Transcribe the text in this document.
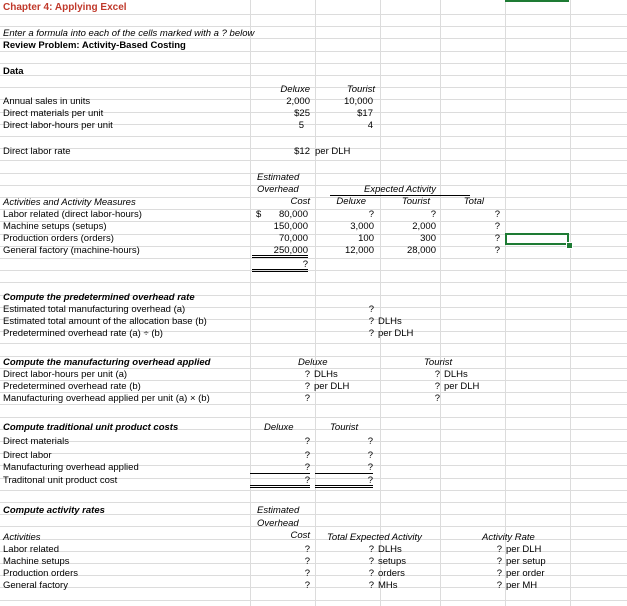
Chapter 4: Applying Excel
Enter a formula into each of the cells marked with a ? below
Review Problem: Activity-Based Costing
Data
Deluxe	Tourist
Annual sales in units	2,000	10,000
Direct materials per unit	$25	$17
Direct labor-hours per unit	5	4
Direct labor rate	$12 per DLH
Estimated
Overhead	Expected Activity
Cost	Deluxe	Tourist	Total
Activities and Activity Measures
Labor related (direct labor-hours)	$	80,000	?	?	?
Machine setups (setups)	150,000	3,000	2,000	?
Production orders (orders)	70,000	100	300	?
General factory (machine-hours)	250,000	12,000	28,000	?
?
Compute the predetermined overhead rate
Estimated total manufacturing overhead (a)	?
Estimated total amount of the allocation base (b)	? DLHs
Predetermined overhead rate (a) ÷ (b)	? per DLH
Compute the manufacturing overhead applied	Deluxe	Tourist
Direct labor-hours per unit (a)	? DLHs	? DLHs
Predetermined overhead rate (b)	? per DLH	? per DLH
Manufacturing overhead applied per unit (a) × (b)	?	?
Compute traditional unit product costs	Deluxe	Tourist
Direct materials	?	?
Direct labor	?	?
Manufacturing overhead applied	?	?
Traditonal unit product cost	?	?
Compute activity rates	Estimated
Overhead
Cost
Activities	Total Expected Activity	Activity Rate
Labor related	?	? DLHs	? per DLH
Machine setups	?	? setups	? per setup
Production orders	?	? orders	? per order
General factory	?	? MHs	? per MH
